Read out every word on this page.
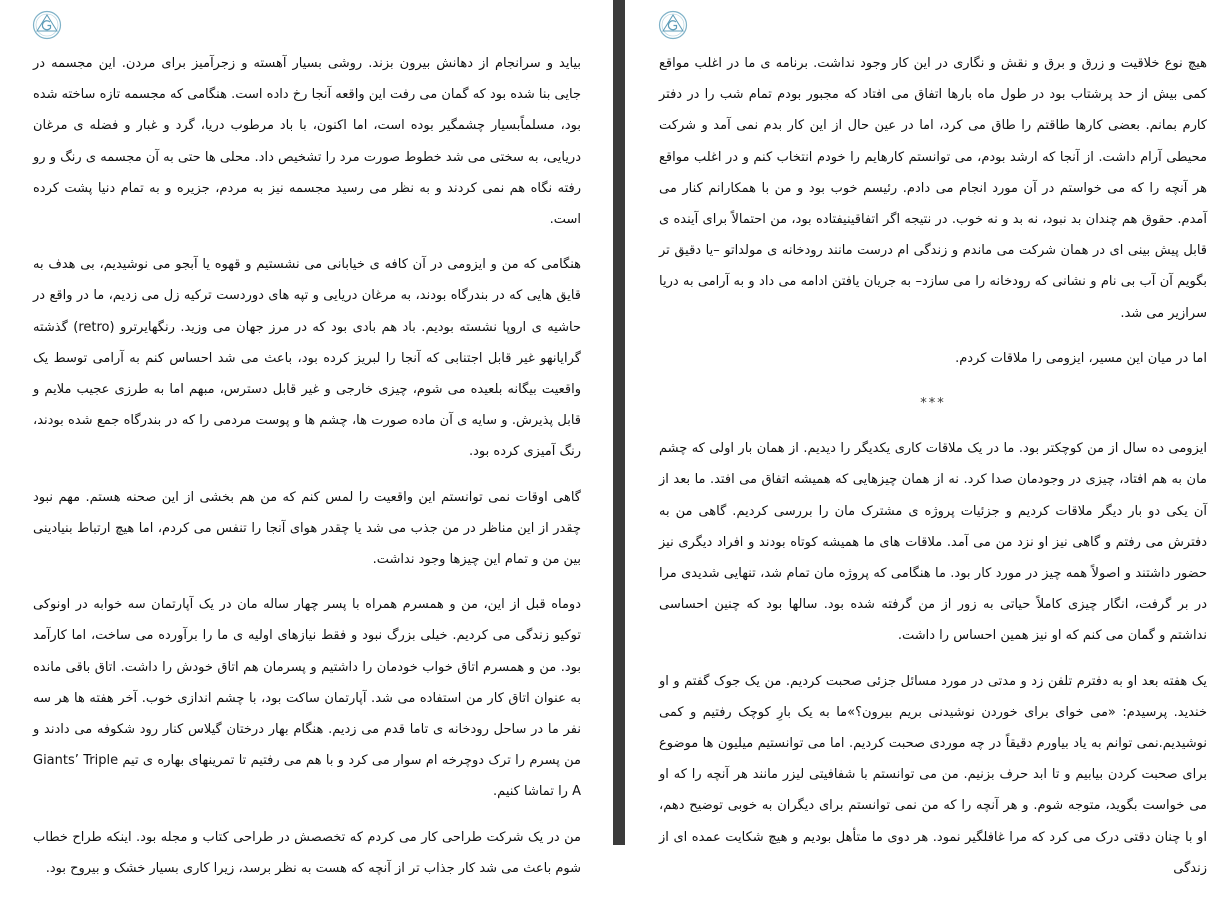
بیاید و سرانجام از دهانش بیرون بزند. روشی بسیار آهسته و زجرآمیز برای مردن. این مجسمه در جایی بنا شده بود که گمان می رفت این واقعه آنجا رخ داده است. هنگامی که مجسمه تازه ساخته شده بود، مسلماًبسیار چشمگیر بوده است، اما اکنون، با باد مرطوب دریا، گرد و غبار و فضله ی مرغان دریایی، به سختی می شد خطوط صورت مرد را تشخیص داد. محلی ها حتی به آن مجسمه ی رنگ و رو رفته نگاه هم نمی کردند و به نظر می رسید مجسمه نیز به مردم، جزیره و به تمام دنیا پشت کرده است.

هنگامی که من و ایزومی در آن کافه ی خیابانی می نشستیم و قهوه یا آبجو می نوشیدیم، بی هدف به قایق هایی که در بندرگاه بودند، به مرغان دریایی و تپه های دوردست ترکیه زل می زدیم، ما در واقع در حاشیه ی اروپا نشسته بودیم. باد هم بادی بود که در مرز جهان می وزید. رنگهایرترو (retro) گذشته گرایانهو غیر قابل اجتنابی که آنجا را لبریز کرده بود، باعث می شد احساس کنم به آرامی توسط یک واقعیت بیگانه بلعیده می شوم، چیزی خارجی و غیر قابل دسترس، مبهم اما به طرزی عجیب ملایم و قابل پذیرش. و سایه ی آن ماده صورت ها، چشم ها و پوست مردمی را که در بندرگاه جمع شده بودند، رنگ آمیزی کرده بود.

گاهی اوقات نمی توانستم این واقعیت را لمس کنم که من هم بخشی از این صحنه هستم. مهم نبود چقدر از این مناظر در من جذب می شد یا چقدر هوای آنجا را تنفس می کردم، اما هیچ ارتباط بنیادینی بین من و تمام این چیزها وجود نداشت.

دوماه قبل از این، من و همسرم همراه با پسر چهار ساله مان در یک آپارتمان سه خوابه در اونوکی توکیو زندگی می کردیم. خیلی بزرگ نبود و فقط نیازهای اولیه ی ما را برآورده می ساخت، اما کارآمد بود. من و همسرم اتاق خواب خودمان را داشتیم و پسرمان هم اتاق خودش را داشت. اتاق باقی مانده به عنوان اتاق کار من استفاده می شد. آپارتمان ساکت بود، با چشم اندازی خوب. آخر هفته ها هر سه نفر ما در ساحل رودخانه ی تاما قدم می زدیم. هنگام بهار درختان گیلاس کنار رود شکوفه می دادند و من پسرم را ترک دوچرخه ام سوار می کرد و با هم می رفتیم تا تمرینهای بهاره ی تیم Giants’ Triple A را تماشا کنیم.

من در یک شرکت طراحی کار می کردم که تخصصش در طراحی کتاب و مجله بود. اینکه طراح خطاب شوم باعث می شد کار جذاب تر از آنچه که هست به نظر برسد، زیرا کاری بسیار خشک و بیروح بود.

هیچ نوع خلاقیت و زرق و برق و نقش و نگاری در این کار وجود نداشت. برنامه ی ما در اغلب مواقع کمی بیش از حد پرشتاب بود در طول ماه بارها اتفاق می افتاد که مجبور بودم تمام شب را در دفتر کارم بمانم. بعضی کارها طاقتم را طاق می کرد، اما در عین حال از این کار بدم نمی آمد و شرکت محیطی آرام داشت. از آنجا که ارشد بودم، می توانستم کارهایم را خودم انتخاب کنم و در اغلب مواقع هر آنچه را که می خواستم در آن مورد انجام می دادم. رئیسم خوب بود و من با همکارانم کنار می آمدم. حقوق هم چندان بد نبود، نه بد و نه خوب. در نتیجه اگر اتفاقینیفتاده بود، من احتمالاً برای آینده ی قابل پیش بینی ای در همان شرکت می ماندم و زندگی ام درست مانند رودخانه ی مولداتو –یا دقیق تر بگویم آن آب بی نام و نشانی که رودخانه را می سازد– به جریان یافتن ادامه می داد و به آرامی به دریا سرازیر می شد.

اما در میان این مسیر، ایزومی را ملاقات کردم.

***

ایزومی ده سال از من کوچکتر بود. ما در یک ملاقات کاری یکدیگر را دیدیم. از همان بار اولی که چشم مان به هم افتاد، چیزی در وجودمان صدا کرد. نه از همان چیزهایی که همیشه اتفاق می افتد. ما بعد از آن یکی دو بار دیگر ملاقات کردیم و جزئیات پروژه ی مشترک مان را بررسی کردیم. گاهی من به دفترش می رفتم و گاهی نیز او نزد من می آمد. ملاقات های ما همیشه کوتاه بودند و افراد دیگری نیز حضور داشتند و اصولاً همه چیز در مورد کار بود. ما هنگامی که پروژه مان تمام شد، تنهایی شدیدی مرا در بر گرفت، انگار چیزی کاملاً حیاتی به زور از من گرفته شده بود. سالها بود که چنین احساسی نداشتم و گمان می کنم که او نیز همین احساس را داشت.

یک هفته بعد او به دفترم تلفن زد و مدتی در مورد مسائل جزئی صحبت کردیم. من یک جوک گفتم و او خندید. پرسیدم: «می خوای برای خوردن نوشیدنی بریم بیرون؟»ما به یک بارِ کوچک رفتیم و کمی نوشیدیم.نمی توانم به یاد بیاورم دقیقاً در چه موردی صحبت کردیم. اما می توانستیم میلیون ها موضوع برای صحبت کردن بیابیم و تا ابد حرف بزنیم. من می توانستم با شفافیتی لیزر مانند هر آنچه را که او می خواست بگوید، متوجه شوم. و هر آنچه را که من نمی توانستم برای دیگران به خوبی توضیح دهم، او با چنان دقتی درک می کرد که مرا غافلگیر نمود. هر دوی ما متأهل بودیم و هیچ شکایت عمده ای از زندگی
